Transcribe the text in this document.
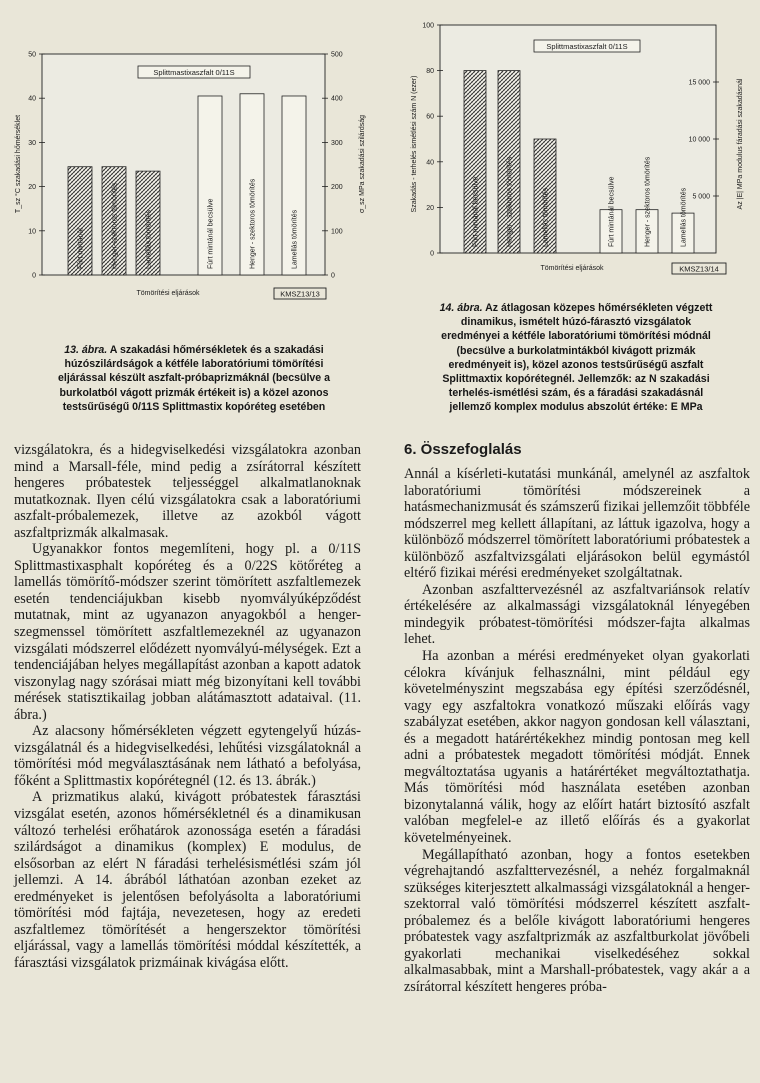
0
10
20
30
40
50
0
100
200
300
400
500
Fúrt mintánál	Henger-szektoros tömörítés	Lamellás tömörítés	Fúrt mintánál becsülve	Henger - szektoros tömörítés	Lamellás tömörítés
Splittmastixaszfalt 0/11S
Tömörítési eljárások	KMSZ13/13
T_sz °C szakadási hőmérséklet	σ_sz MPa szakadási szilárdság
0
20
40
60
80
100
5 000
10 000
15 000
Fúrt mintánál becsülve	Henger - szektoros tömörítés	Lamellás tömörítés	Fúrt mintánál becsülve	Henger - szektoros tömörítés	Lamellás tömörítés
Splittmastixaszfalt 0/11S
Tömörítési eljárások	KMSZ13/14
Szakadás - terhelés ismétlési szám N (ezer)	Az |E| MPa modulus fáradási szakadásnál
13. ábra. A szakadási hőmérsékletek és a szakadási
húzószilárdságok a kétféle laboratóriumi tömörítési
eljárással készült aszfalt-próbaprizmáknál (becsülve a
burkolatból vágott prizmák értékeit is) a közel azonos
testsűrűségű 0/11S Splittmastix kopóréteg esetében
14. ábra. Az átlagosan közepes hőmérsékleten végzett
dinamikus, ismételt húzó-fárasztó vizsgálatok
eredményei a kétféle laboratóriumi tömörítési módnál
(becsülve a burkolatmintákból kivágott prizmák
eredményeit is), közel azonos testsűrűségű aszfalt
Splittmaxtix kopórétegnél. Jellemzők: az N szakadási
terhelés-ismétlési szám, és a fáradási szakadásnál
jellemző komplex modulus abszolút értéke: E MPa

vizsgálatokra, és a hidegviselkedési vizsgálatokra azonban mind a Marsall-féle, mind pedig a zsírátorral készített hengeres próbatestek teljességgel alkalmatlanoknak mutatkoznak. Ilyen célú vizsgálatokra csak a laboratóriumi aszfalt-próbalemezek, illetve az azokból vágott aszfaltprizmák alkalmasak.

Ugyanakkor fontos megemlíteni, hogy pl. a 0/11S Splittmastixasphalt kopóréteg és a 0/22S kötőréteg a lamellás tömörítő-módszer szerint tömörített aszfaltlemezek esetén tendenciájukban kisebb nyomvályúképződést mutatnak, mint az ugyanazon anyagokból a henger-szegmenssel tömörített aszfaltlemezeknél az ugyanazon vizsgálati módszerrel elődézett nyomvályú-mélységek. Ezt a tendenciájában helyes megállapítást azonban a kapott adatok viszonylag nagy szórásai miatt még bizonyítani kell további mérések statisztikailag jobban alátámasztott adataival. (11. ábra.)

Az alacsony hőmérsékleten végzett egytengelyű húzás-vizsgálatnál és a hidegviselkedési, lehűtési vizsgálatoknál a tömörítési mód megválasztásának nem látható a befolyása, főként a Splittmastix kopórétegnél (12. és 13. ábrák.)

A prizmatikus alakú, kivágott próbatestek fárasztási vizsgálat esetén, azonos hőmérsékletnél és a dinamikusan változó terhelési erőhatárok azonossága esetén a fáradási szilárdságot a dinamikus (komplex) E modulus, de elsősorban az elért N fáradási terhelésismétlési szám jól jellemzi. A 14. ábrából láthatóan azonban ezeket az eredményeket is jelentősen befolyásolta a laboratóriumi tömörítési mód fajtája, nevezetesen, hogy az eredeti aszfaltlemez tömörítését a hengerszektor tömörítési eljárással, vagy a lamellás tömörítési móddal készítették, a fárasztási vizsgálatok prizmáinak kivágása előtt.

6. Összefoglalás

Annál a kísérleti-kutatási munkánál, amelynél az aszfaltok laboratóriumi tömörítési módszereinek a hatásmechanizmusát és számszerű fizikai jellemzőit többféle módszerrel meg kellett állapítani, az láttuk igazolva, hogy a különböző módszerrel tömörített laboratóriumi próbatestek a különböző aszfaltvizsgálati eljárásokon belül egymástól eltérő fizikai mérési eredményeket szolgáltatnak.

Azonban aszfalttervezésnél az aszfaltvariánsok relatív értékelésére az alkalmassági vizsgálatoknál lényegében mindegyik próbatest-tömörítési módszer-fajta alkalmas lehet.

Ha azonban a mérési eredményeket olyan gyakorlati célokra kívánjuk felhasználni, mint például egy követelményszint megszabása egy építési szerződésnél, vagy egy aszfaltokra vonatkozó műszaki előírás vagy szabályzat esetében, akkor nagyon gondosan kell választani, és a megadott határértékekhez mindig pontosan meg kell adni a próbatestek megadott tömörítési módját. Ennek megváltoztatása ugyanis a határértéket megváltoztathatja. Más tömörítési mód használata esetében azonban bizonytalanná válik, hogy az előírt határt biztosító aszfalt valóban megfelel-e az illető előírás és a gyakorlat követelményeinek.

Megállapítható azonban, hogy a fontos esetekben végrehajtandó aszfalttervezésnél, a nehéz forgalmaknál szükséges kiterjesztett alkalmassági vizsgálatoknál a henger-szektorral való tömörítési módszerrel készített aszfalt-próbalemez és a belőle kivágott laboratóriumi hengeres próbatestek vagy aszfaltprizmák az aszfaltburkolat jövőbeli gyakorlati mechanikai viselkedéséhez sokkal alkalmasabbak, mint a Marshall-próbatestek, vagy akár a a zsírátorral készített hengeres próba-
